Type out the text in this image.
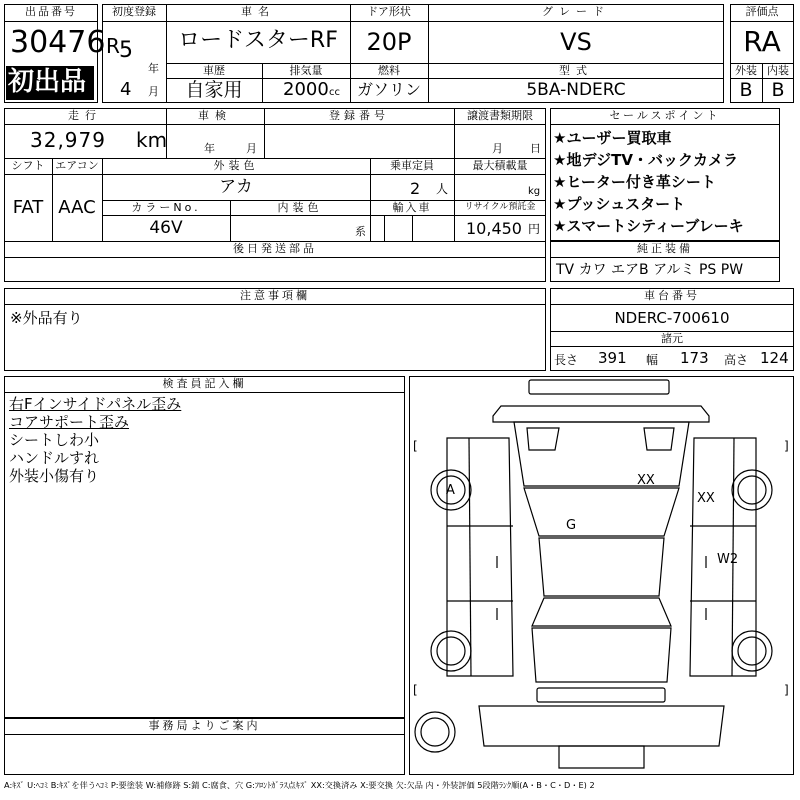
出品番号
30476
初出品
初度登録
R 5
年
4 月
車名
ロードスターRF
ドア形状
20P
グレード
VS
車歴
自家用
排気量
2000 cc
燃料
ガソリン
型式
5BA-NDERC
評価点
RA
外装 内装
B B
走行
32,979 km
車検
年	月
登録番号	譲渡書類期限
月 日
シフト
FAT
エアコン
AAC
外装色
アカ
乗車定員
2 人
最大積載量
kg
カラーNo.
46V
内装色
系
輸入車	リサイクル預託金
10,450 円
後日発送部品
セールスポイント
★ユーザー買取車
★地デジTV・バックカメラ
★ヒーター付き革シート
★プッシュスタート
★スマートシティーブレーキ
純正装備
TV カワ エアB アルミ PS PW
注意事項欄
※外品有り
車台番号
NDERC-700610
諸元
長さ 391 幅 173 高さ 124
検査員記入欄
右Fインサイドパネル歪み
コアサポート歪み
シートしわ小
ハンドルすれ
外装小傷有り
事務局よりご案内
[	]
[	]
A
G
XX
XX
W2
A:ｷｽﾞ U:ﾍｺﾐ B:ｷｽﾞを伴うﾍｺﾐ P:要塗装 W:補修跡 S:錆 C:腐食、穴 G:ﾌﾛﾝﾄｶﾞﾗｽ点ｷｽﾞ XX:交換済み X:要交換 欠:欠品 内・外装評価 5段階ﾗﾝｸ順(A・B・C・D・E) 2
